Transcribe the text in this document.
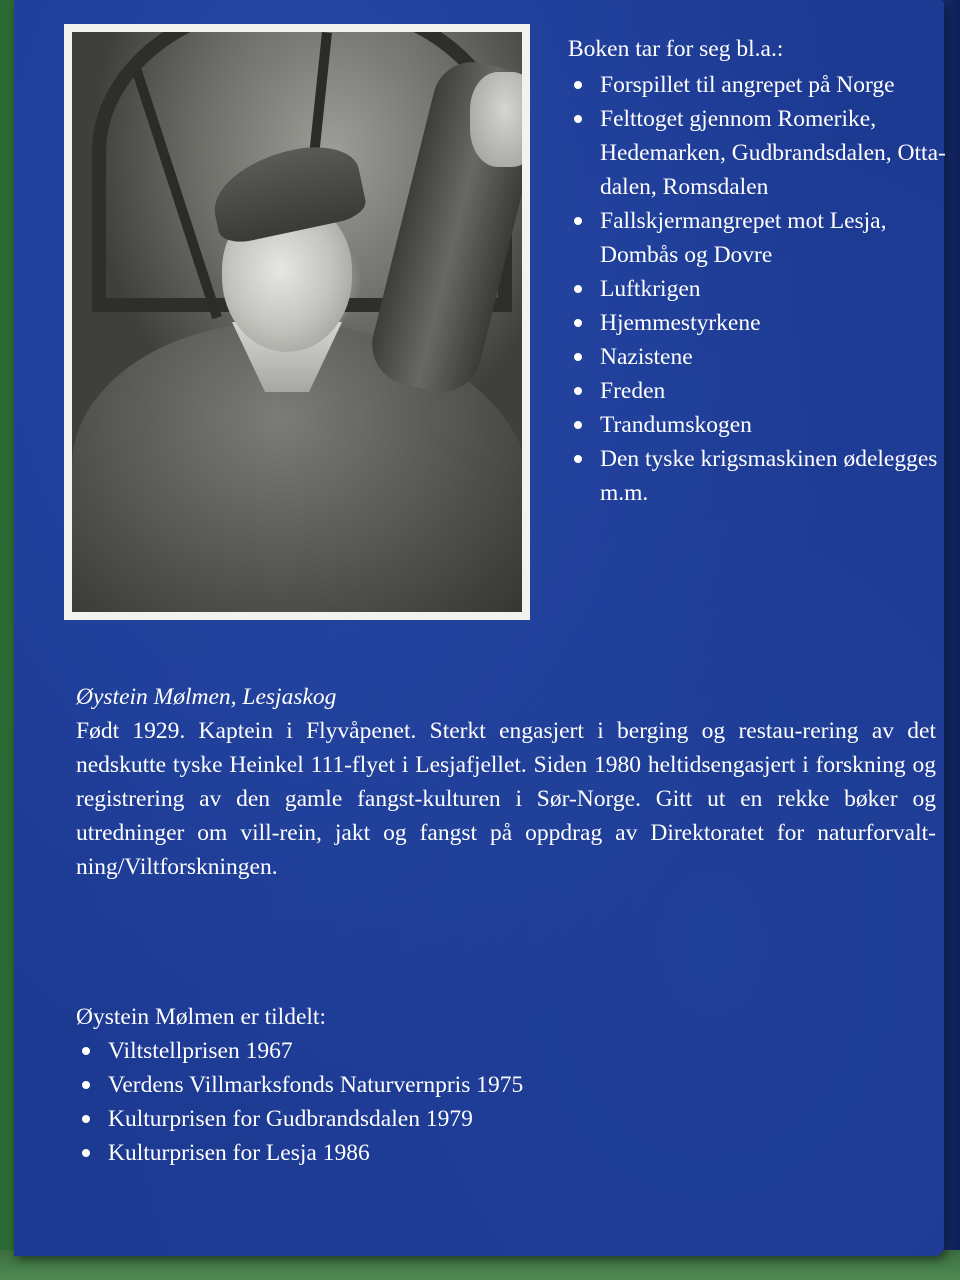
Boken tar for seg bl.a.:

Forspillet til angrepet på Norge
Felttoget gjennom Romerike, Hedemarken, Gudbrandsdalen, Otta-dalen, Romsdalen
Fallskjermangrepet mot Lesja, Dombås og Dovre
Luftkrigen
Hjemmestyrkene
Nazistene
Freden
Trandumskogen
Den tyske krigsmaskinen ødelegges m.m.

Øystein Mølmen, Lesjaskog

Født 1929. Kaptein i Flyvåpenet. Sterkt engasjert i berging og restau-rering av det nedskutte tyske Heinkel 111-flyet i Lesjafjellet. Siden 1980 heltidsengasjert i forskning og registrering av den gamle fangst-kulturen i Sør-Norge. Gitt ut en rekke bøker og utredninger om vill-rein, jakt og fangst på oppdrag av Direktoratet for naturforvalt-ning/Viltforskningen.

Øystein Mølmen er tildelt:

Viltstellprisen 1967
Verdens Villmarksfonds Naturvernpris 1975
Kulturprisen for Gudbrandsdalen 1979
Kulturprisen for Lesja 1986
